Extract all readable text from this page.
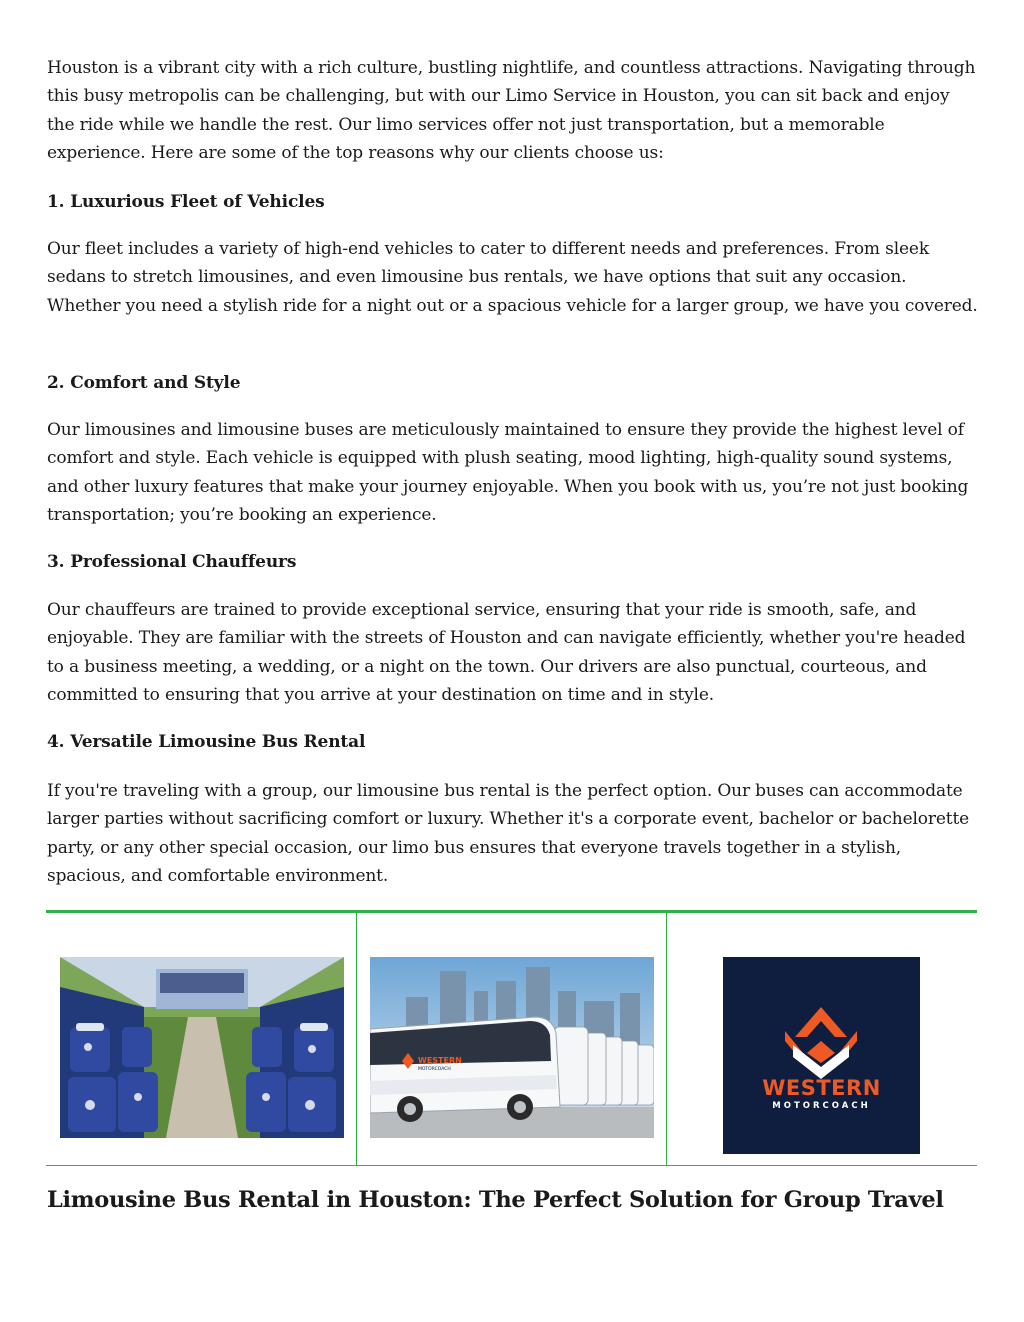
Houston is a vibrant city with a rich culture, bustling nightlife, and countless attractions. Navigating through this busy metropolis can be challenging, but with our Limo Service in Houston, you can sit back and enjoy the ride while we handle the rest. Our limo services offer not just transportation, but a memorable experience. Here are some of the top reasons why our clients choose us:

1. Luxurious Fleet of Vehicles

Our fleet includes a variety of high-end vehicles to cater to different needs and preferences. From sleek sedans to stretch limousines, and even limousine bus rentals, we have options that suit any occasion. Whether you need a stylish ride for a night out or a spacious vehicle for a larger group, we have you covered.

2. Comfort and Style

Our limousines and limousine buses are meticulously maintained to ensure they provide the highest level of comfort and style. Each vehicle is equipped with plush seating, mood lighting, high-quality sound systems, and other luxury features that make your journey enjoyable. When you book with us, you’re not just booking transportation; you’re booking an experience.

3. Professional Chauffeurs

Our chauffeurs are trained to provide exceptional service, ensuring that your ride is smooth, safe, and enjoyable. They are familiar with the streets of Houston and can navigate efficiently, whether you're headed to a business meeting, a wedding, or a night on the town. Our drivers are also punctual, courteous, and committed to ensuring that you arrive at your destination on time and in style.

4. Versatile Limousine Bus Rental

If you're traveling with a group, our limousine bus rental is the perfect option. Our buses can accommodate larger parties without sacrificing comfort or luxury. Whether it's a corporate event, bachelor or bachelorette party, or any other special occasion, our limo bus ensures that everyone travels together in a stylish, spacious, and comfortable environment.

WESTERN
MOTORCOACH
WESTERN
MOTORCOACH
Limousine Bus Rental in Houston: The Perfect Solution for Group Travel
